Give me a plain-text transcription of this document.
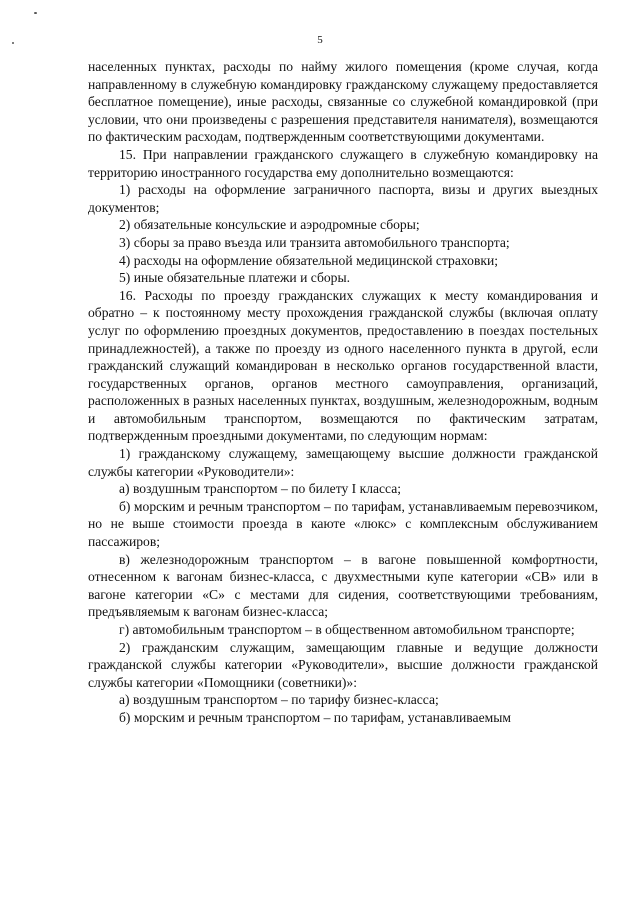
5

населенных пунктах, расходы по найму жилого помещения (кроме случая, когда направленному в служебную командировку гражданскому служащему предоставляется бесплатное помещение), иные расходы, связанные со служебной командировкой (при условии, что они произведены с разрешения представителя нанимателя), возмещаются по фактическим расходам, подтвержденным соответствующими документами.

15. При направлении гражданского служащего в служебную командировку на территорию иностранного государства ему дополнительно возмещаются:

1) расходы на оформление заграничного паспорта, визы и других выездных документов;

2) обязательные консульские и аэродромные сборы;

3) сборы за право въезда или транзита автомобильного транспорта;

4) расходы на оформление обязательной медицинской страховки;

5) иные обязательные платежи и сборы.

16. Расходы по проезду гражданских служащих к месту командирования и обратно – к постоянному месту прохождения гражданской службы (включая оплату услуг по оформлению проездных документов, предоставлению в поездах постельных принадлежностей), а также по проезду из одного населенного пункта в другой, если гражданский служащий командирован в несколько органов государственной власти, государственных органов, органов местного самоуправления, организаций, расположенных в разных населенных пунктах, воздушным, железнодорожным, водным и автомобильным транспортом, возмещаются по фактическим затратам, подтвержденным проездными документами, по следующим нормам:

1) гражданскому служащему, замещающему высшие должности гражданской службы категории «Руководители»:

а) воздушным транспортом – по билету I класса;

б) морским и речным транспортом – по тарифам, устанавливаемым перевозчиком, но не выше стоимости проезда в каюте «люкс» с комплексным обслуживанием пассажиров;

в) железнодорожным транспортом – в вагоне повышенной комфортности, отнесенном к вагонам бизнес-класса, с двухместными купе категории «СВ» или в вагоне категории «С» с местами для сидения, соответствующими требованиям, предъявляемым к вагонам бизнес-класса;

г) автомобильным транспортом – в общественном автомобильном транспорте;

2) гражданским служащим, замещающим главные и ведущие должности гражданской службы категории «Руководители», высшие должности гражданской службы категории «Помощники (советники)»:

а) воздушным транспортом – по тарифу бизнес-класса;

б) морским и речным транспортом – по тарифам, устанавливаемым
